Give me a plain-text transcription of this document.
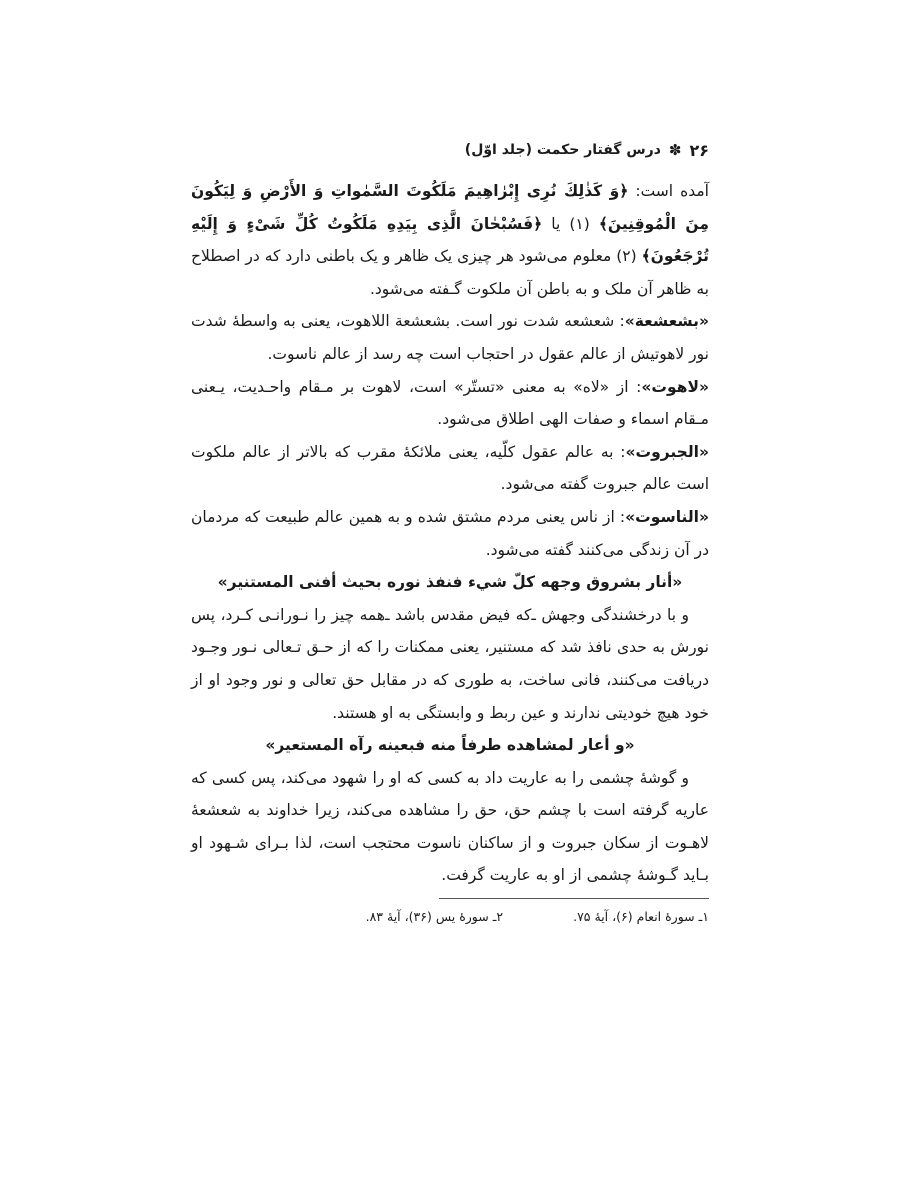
۲۶
✽
درس گفتار حکمت (جلد اوّل)

آمده است: ﴿وَ كَذٰلِكَ نُرِى إِبْرٰاهِيمَ مَلَكُوتَ السَّمٰواتِ وَ الأَرْضِ وَ لِيَكُونَ مِنَ الْمُوقِنِينَ﴾ (۱) یا ﴿فَسُبْحٰانَ الَّذِى بِيَدِهِ مَلَكُوتُ كُلِّ شَىْءٍ وَ إِلَيْهِ تُرْجَعُونَ﴾ (۲) معلوم می‌شود هر چیزی یک ظاهر و یک باطنی دارد که در اصطلاح به ظاهر آن ملک و به باطن آن ملکوت گـفته می‌شود.

«بشعشعة»: شعشعه شدت نور است. بشعشعة اللاهوت، یعنی به واسطهٔ شدت نور لاهوتیش از عالم عقول در احتجاب است چه رسد از عالم ناسوت.

«لاهوت»: از «لاه» به معنی «تستّر» است، لاهوت بر مـقام واحـدیت، یـعنی مـقام اسماء و صفات الهی اطلاق می‌شود.

«الجبروت»: به عالم عقول کلّیه، یعنی ملائکهٔ مقرب که بالاتر از عالم ملکوت است عالم جبروت گفته می‌شود.

«الناسوت»: از ناس یعنی مردم مشتق شده و به همین عالم طبیعت که مردمان در آن زندگی می‌کنند گفته می‌شود.

«أنار بشروق وجهه كلّ شيء فنفذ نوره بحيث أفنى المستنير»

و با درخشندگی وجهش ـ‌که فیض مقدس باشد ـ‌همه چیز را نـورانـی کـرد، پس نورش به حدی نافذ شد که مستنیر، یعنی ممکنات را که از حـق تـعالی نـور وجـود دریافت می‌کنند، فانی ساخت، به طوری که در مقابل حق تعالی و نور وجود او از خود هیچ خودیتی ندارند و عین ربط و وابستگی به او هستند.

«و أعار لمشاهده طرفاً منه فبعينه رآه المستعير»

و گوشهٔ چشمی را به عاریت داد به کسی که او را شهود می‌کند، پس کسی که عاریه گرفته است با چشم حق، حق را مشاهده می‌کند، زیرا خداوند به شعشعهٔ لاهـوت از سکان جبروت و از ساکنان ناسوت محتجب است، لذا بـرای شـهود او بـاید گـوشهٔ چشمی از او به عاریت گرفت.

۱ـ سورهٔ انعام (۶)، آیهٔ ۷۵.
۲ـ سورهٔ یس (۳۶)، آیهٔ ۸۳.
